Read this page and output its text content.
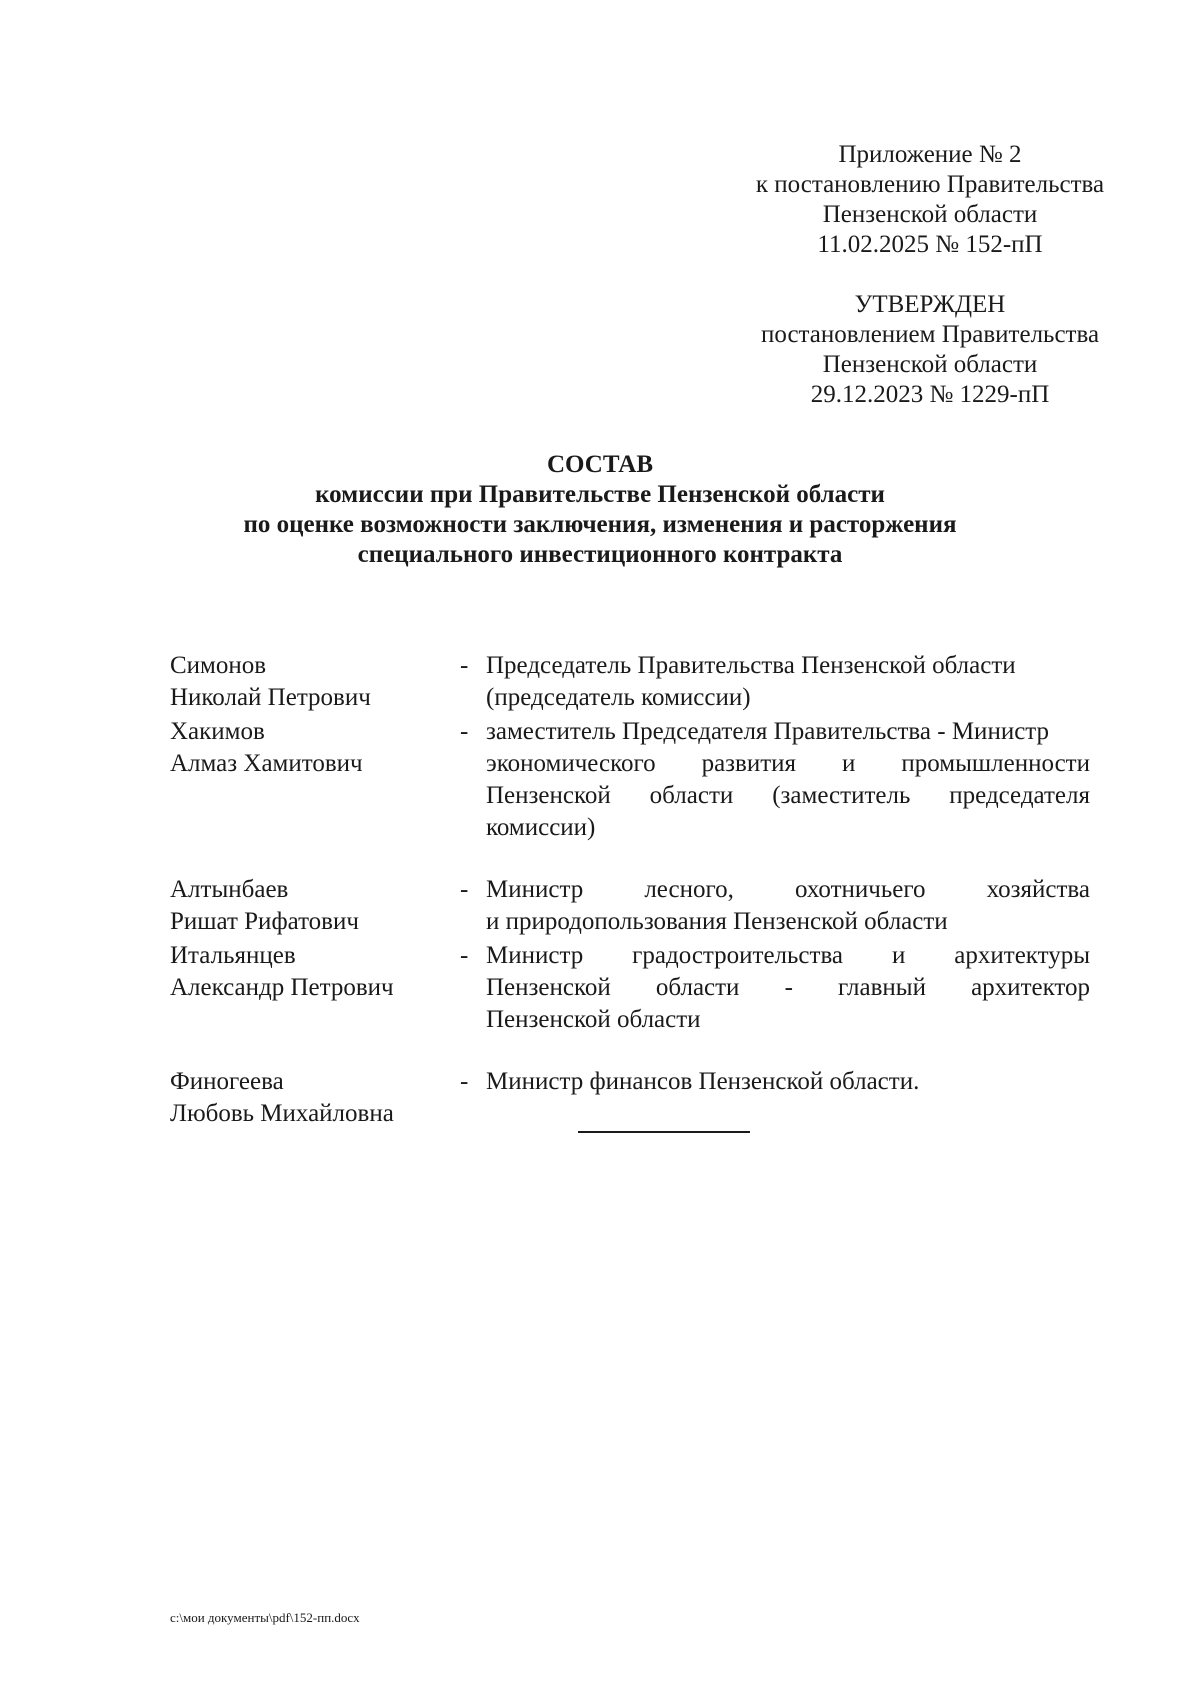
Приложение № 2
к постановлению Правительства
Пензенской области
11.02.2025 № 152-пП
УТВЕРЖДЕН
постановлением Правительства
Пензенской области
29.12.2023 № 1229-пП
СОСТАВ
комиссии при Правительстве Пензенской области
по оценке возможности заключения, изменения и расторжения
специального инвестиционного контракта
Симонов
Николай Петрович
- Председатель Правительства Пензенской области
(председатель комиссии)
Хакимов
Алмаз Хамитович
- заместитель Председателя Правительства - Министр
экономического развития и промышленности
Пензенской области (заместитель председателя
комиссии)
Алтынбаев
Ришат Рифатович
- Министр лесного, охотничьего хозяйства
и природопользования Пензенской области
Итальянцев
Александр Петрович
- Министр градостроительства и архитектуры
Пензенской области - главный архитектор
Пензенской области
Финогеева
Любовь Михайловна
- Министр финансов Пензенской области.
c:\мои документы\pdf\152-пп.docx
